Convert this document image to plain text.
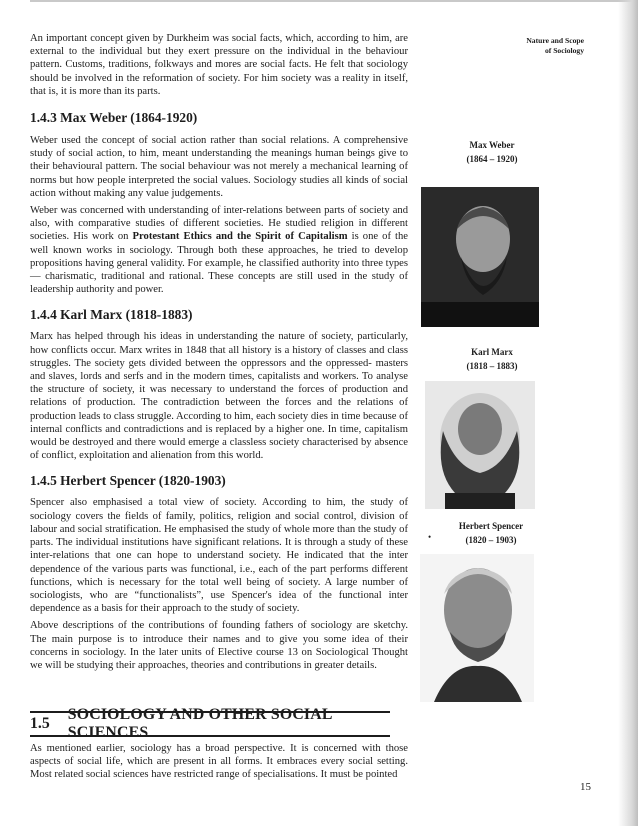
Nature and Scope
of Sociology

An important concept given by Durkheim was social facts, which, according to him, are external to the individual but they exert pressure on the individual in the behaviour pattern. Customs, traditions, folkways and mores are social facts. He felt that sociology should be involved in the reformation of society. For him society was a reality in itself, that is, it is more than its parts.

1.4.3 Max Weber (1864-1920)

Weber used the concept of social action rather than social relations. A comprehensive study of social action, to him, meant understanding the meanings human beings give to their behavioural pattern. The social behaviour was not merely a mechanical learning of norms but how people interpreted the social values. Sociology studies all kinds of social action without making any value judgements.

Weber was concerned with understanding of inter-relations between parts of society and also, with comparative studies of different societies. He studied religion in different societies. His work on Protestant Ethics and the Spirit of Capitalism is one of the well known works in sociology. Through both these approaches, he tried to develop propositions having general validity. For example, he classified authority into three types — charismatic, traditional and rational. These concepts are still used in the study of leadership authority and power.

1.4.4 Karl Marx (1818-1883)

Marx has helped through his ideas in understanding the nature of society, particularly, how conflicts occur. Marx writes in 1848 that all history is a history of classes and class struggles. The society gets divided between the oppressors and the oppressed- masters and slaves, lords and serfs and in the modern times, capitalists and workers. To analyse the structure of society, it was necessary to understand the forces of production and relations of production. The contradiction between the forces and the relations of production leads to class struggle. According to him, each society dies in time because of internal conflicts and contradictions and is replaced by a higher one. In time, capitalism would be destroyed and there would emerge a classless society characterised by absence of conflict, exploitation and alienation from this world.

1.4.5 Herbert Spencer (1820-1903)

Spencer also emphasised a total view of society. According to him, the study of sociology covers the fields of family, politics, religion and social control, division of labour and social stratification. He emphasised the study of whole more than the study of parts. The individual institutions have significant relations. It is through a study of these inter-relations that one can hope to understand society. He indicated that the inter dependence of the various parts was functional, i.e., each of the part performs different functions, which is necessary for the total well being of society. A large number of sociologists, who are “functionalists”, use Spencer's idea of the functional inter dependence as a basis for their approach to the study of society.

Above descriptions of the contributions of founding fathers of sociology are sketchy. The main purpose is to introduce their names and to give you some idea of their concerns in sociology. In the later units of Elective course 13 on Sociological Thought we will be studying their approaches, theories and contributions in greater details.

Max Weber
(1864 – 1920)
Karl Marx
(1818 – 1883)
Herbert Spencer
(1820 – 1903)
•
1.5
SOCIOLOGY AND OTHER SOCIAL SCIENCES

As mentioned earlier, sociology has a broad perspective. It is concerned with those aspects of social life, which are present in all forms. It embraces every social setting. Most related social sciences have restricted range of specialisations. It must be pointed

15
